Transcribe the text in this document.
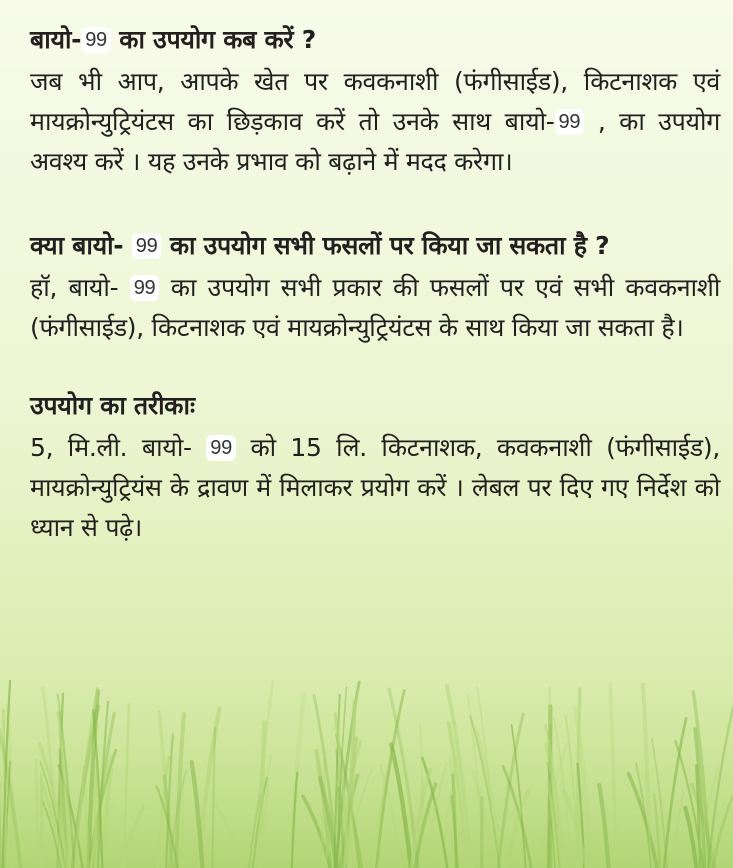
बायो- 99 का उपयोग कब करें ?

जब भी आप, आपके खेत पर कवकनाशी (फंगीसाईड), किटनाशक एवं मायक्रोन्युट्रियंटस का छिड़काव करें तो उनके साथ बायो- 99 , का उपयोग अवश्य करें । यह उनके प्रभाव को बढ़ाने में मदद करेगा।

क्या बायो- 99 का उपयोग सभी फसलों पर किया जा सकता है ?

हॉ, बायो- 99 का उपयोग सभी प्रकार की फसलों पर एवं सभी कवकनाशी (फंगीसाईड), किटनाशक एवं मायक्रोन्युट्रियंटस के साथ किया जा सकता है।

उपयोग का तरीकाः

5, मि.ली. बायो- 99 को 15 लि. किटनाशक, कवकनाशी (फंगीसाईड), मायक्रोन्युट्रियंस के द्रावण में मिलाकर प्रयोग करें । लेबल पर दिए गए निर्देश को ध्यान से पढ़े।
